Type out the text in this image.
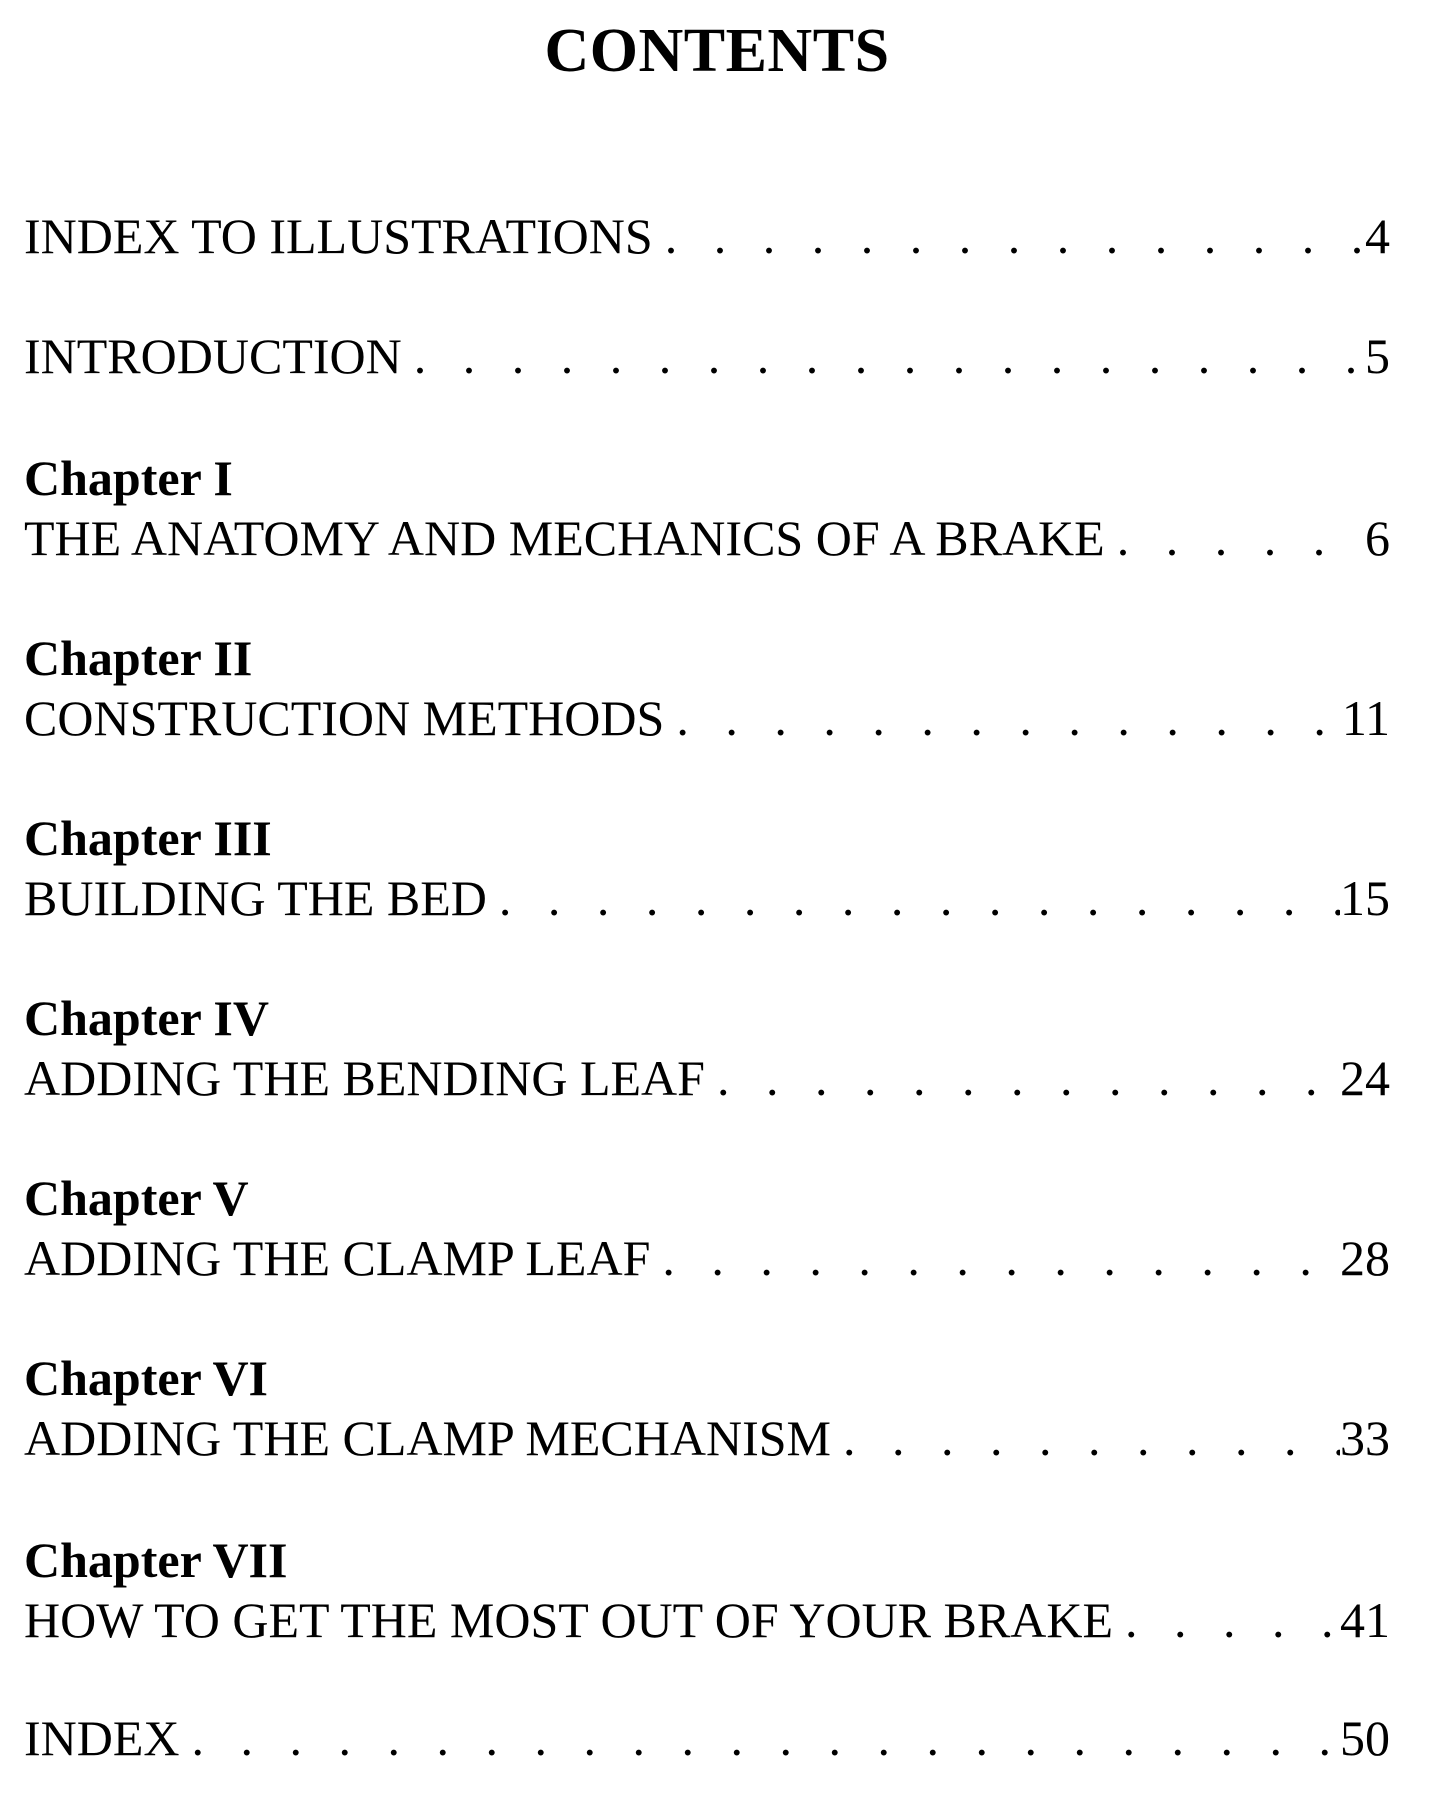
CONTENTS
INDEX TO ILLUSTRATIONS . . .	4
INTRODUCTION . . .	5
Chapter I
THE ANATOMY AND MECHANICS OF A BRAKE . . .	6
Chapter II
CONSTRUCTION METHODS . . .	11
Chapter III
BUILDING THE BED . . .	15
Chapter IV
ADDING THE BENDING LEAF . . .	24
Chapter V
ADDING THE CLAMP LEAF . . .	28
Chapter VI
ADDING THE CLAMP MECHANISM . . .	33
Chapter VII
HOW TO GET THE MOST OUT OF YOUR BRAKE . . .	41
INDEX . . .	50
